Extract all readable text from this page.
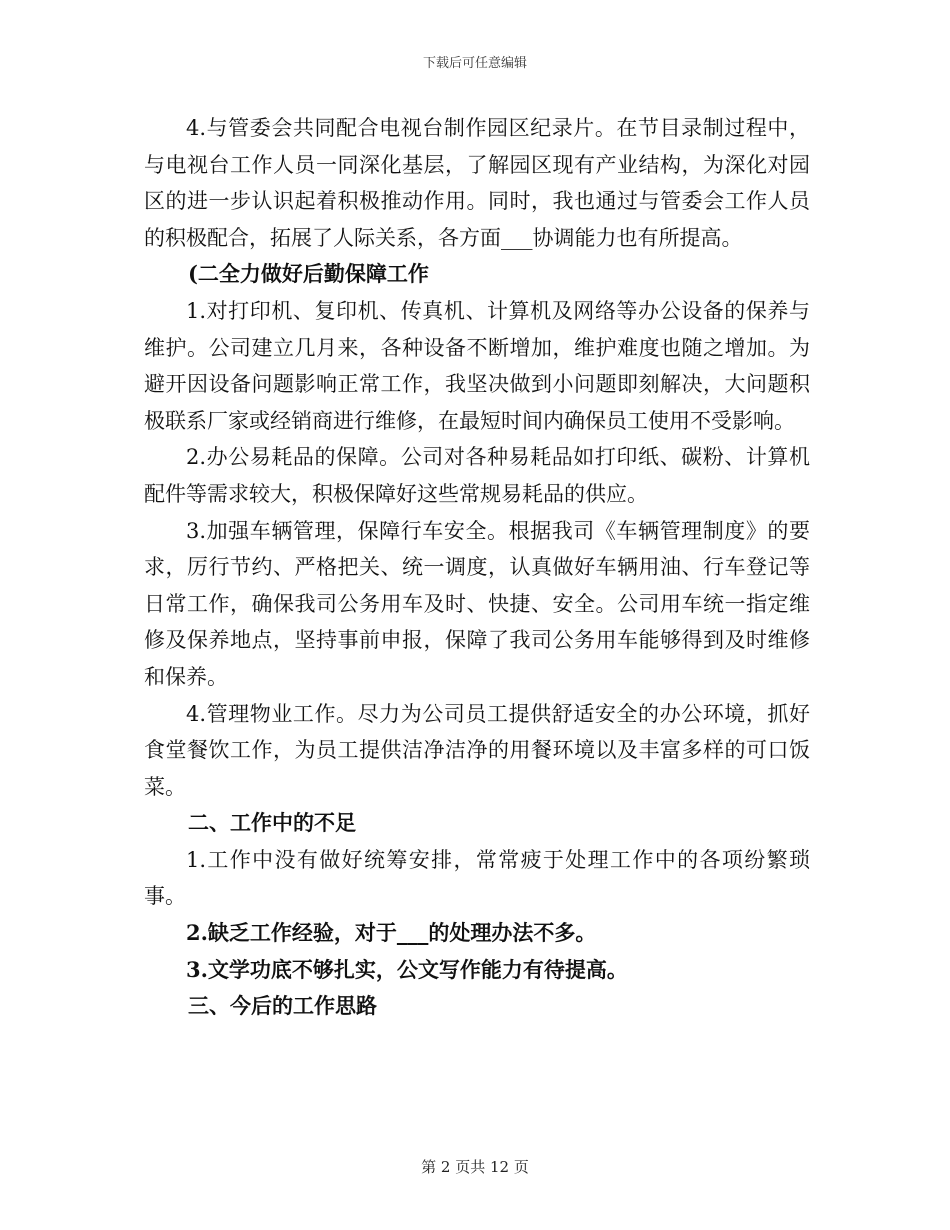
下载后可任意编辑

4.与管委会共同配合电视台制作园区纪录片。在节目录制过程中，与电视台工作人员一同深化基层，了解园区现有产业结构，为深化对园区的进一步认识起着积极推动作用。同时，我也通过与管委会工作人员的积极配合，拓展了人际关系，各方面___协调能力也有所提高。

(二全力做好后勤保障工作

1.对打印机、复印机、传真机、计算机及网络等办公设备的保养与维护。公司建立几月来，各种设备不断增加，维护难度也随之增加。为避开因设备问题影响正常工作，我坚决做到小问题即刻解决，大问题积极联系厂家或经销商进行维修，在最短时间内确保员工使用不受影响。

2.办公易耗品的保障。公司对各种易耗品如打印纸、碳粉、计算机配件等需求较大，积极保障好这些常规易耗品的供应。

3.加强车辆管理，保障行车安全。根据我司《车辆管理制度》的要求，厉行节约、严格把关、统一调度，认真做好车辆用油、行车登记等日常工作，确保我司公务用车及时、快捷、安全。公司用车统一指定维修及保养地点，坚持事前申报，保障了我司公务用车能够得到及时维修和保养。

4.管理物业工作。尽力为公司员工提供舒适安全的办公环境，抓好食堂餐饮工作，为员工提供洁净洁净的用餐环境以及丰富多样的可口饭菜。

二、工作中的不足

1.工作中没有做好统筹安排，常常疲于处理工作中的各项纷繁琐事。

2.缺乏工作经验，对于___的处理办法不多。

3.文学功底不够扎实，公文写作能力有待提高。

三、今后的工作思路

第 2 页共 12 页
